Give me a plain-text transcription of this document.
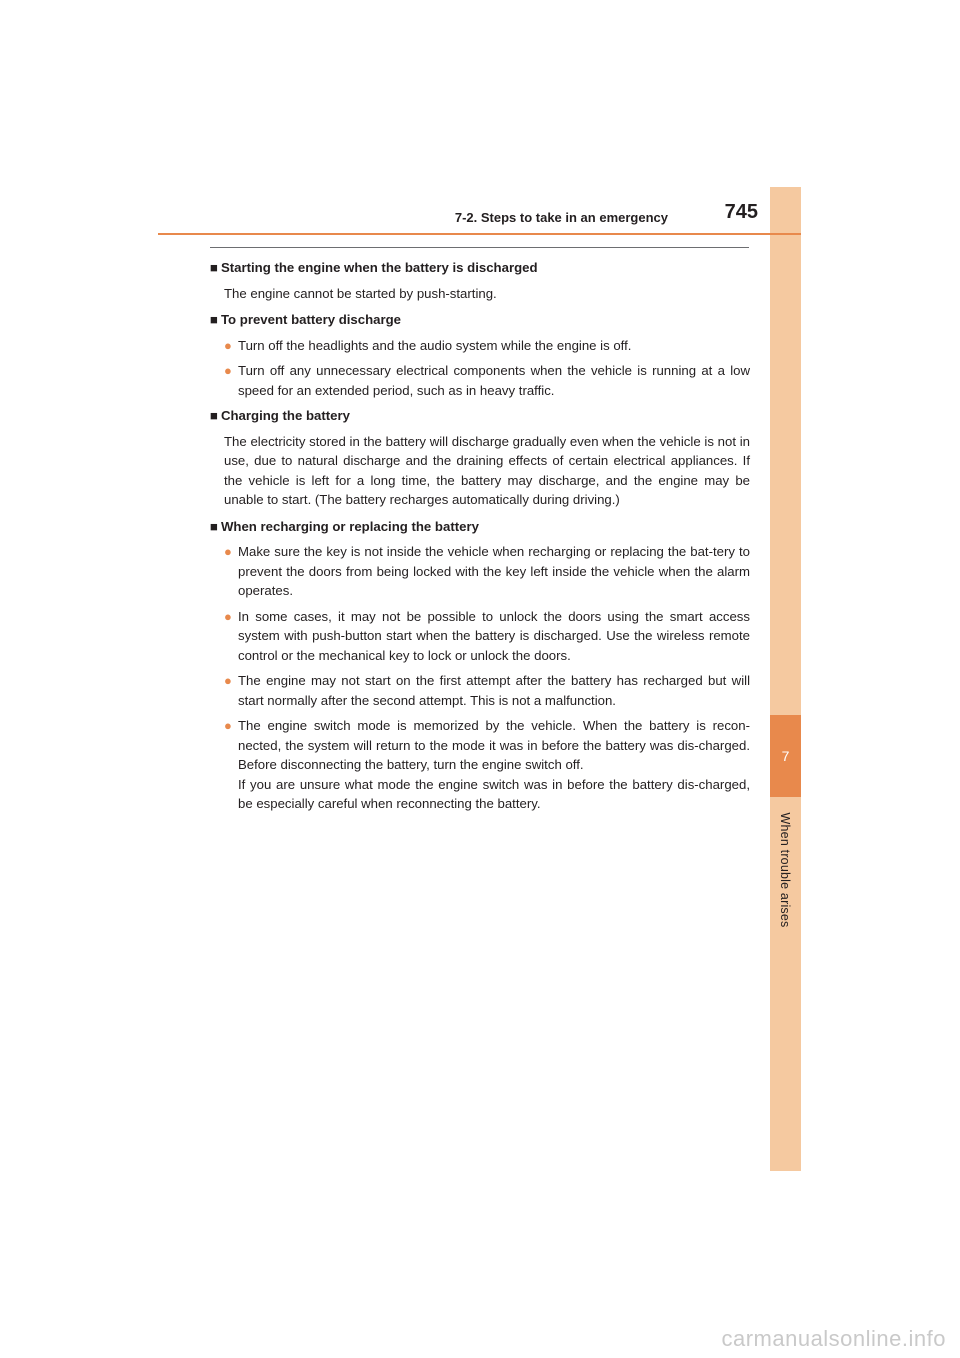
7
When trouble arises
7-2. Steps to take in an emergency	745
■ Starting the engine when the battery is discharged

The engine cannot be started by push-starting.

■ To prevent battery discharge
● Turn off the headlights and the audio system while the engine is off.
● Turn off any unnecessary electrical components when the vehicle is running at a low speed for an extended period, such as in heavy traffic.
■ Charging the battery

The electricity stored in the battery will discharge gradually even when the vehicle is not in use, due to natural discharge and the draining effects of certain electrical appliances. If the vehicle is left for a long time, the battery may discharge, and the engine may be unable to start. (The battery recharges automatically during driving.)

■ When recharging or replacing the battery
● Make sure the key is not inside the vehicle when recharging or replacing the bat-tery to prevent the doors from being locked with the key left inside the vehicle when the alarm operates.
● In some cases, it may not be possible to unlock the doors using the smart access system with push-button start when the battery is discharged. Use the wireless remote control or the mechanical key to lock or unlock the doors.
● The engine may not start on the first attempt after the battery has recharged but will start normally after the second attempt. This is not a malfunction.
● The engine switch mode is memorized by the vehicle. When the battery is recon-nected, the system will return to the mode it was in before the battery was dis-charged. Before disconnecting the battery, turn the engine switch off.
If you are unsure what mode the engine switch was in before the battery dis-charged, be especially careful when reconnecting the battery.
carmanualsonline.info
